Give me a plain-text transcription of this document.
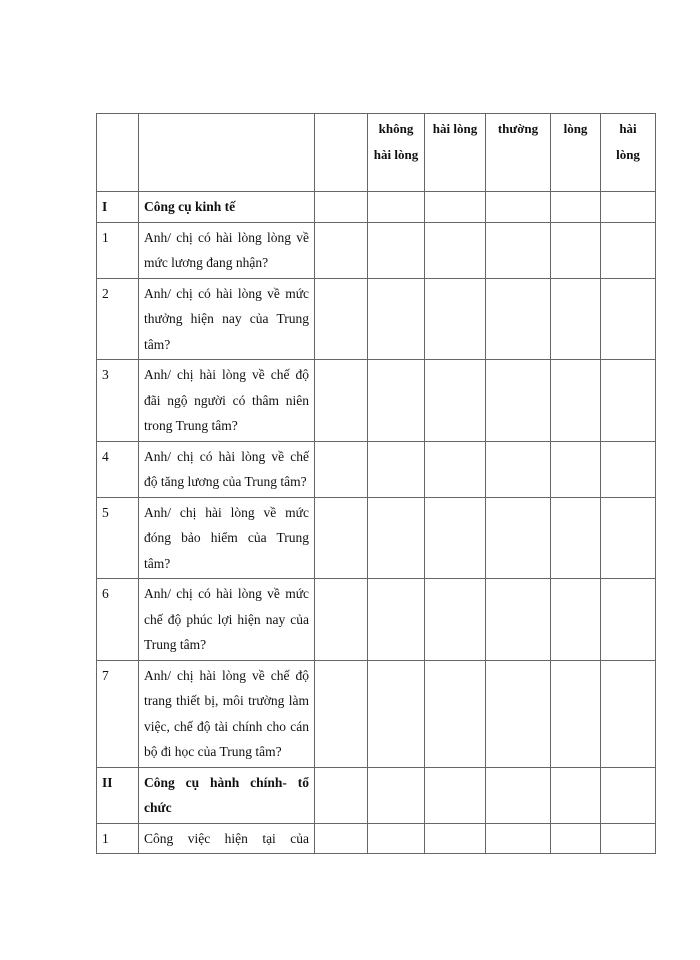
			không hài lòng	hài lòng	thường	lòng	hài lòng
I	Công cụ kinh tế						
1	Anh/ chị có hài lòng lòng về mức lương đang nhận?						
2	Anh/ chị có hài lòng về mức thưởng hiện nay của Trung tâm?						
3	Anh/ chị hài lòng về chế độ đãi ngộ người có thâm niên trong Trung tâm?						
4	Anh/ chị có hài lòng về chế độ tăng lương của Trung tâm?						
5	Anh/ chị hài lòng về mức đóng bảo hiểm của Trung tâm?						
6	Anh/ chị có hài lòng về mức chế độ phúc lợi hiện nay của Trung tâm?						
7	Anh/ chị hài lòng về chế độ trang thiết bị, môi trường làm việc, chế độ tài chính cho cán bộ đi học của Trung tâm?						
II	Công cụ hành chính- tổ chức						
1	Công việc hiện tại của						
